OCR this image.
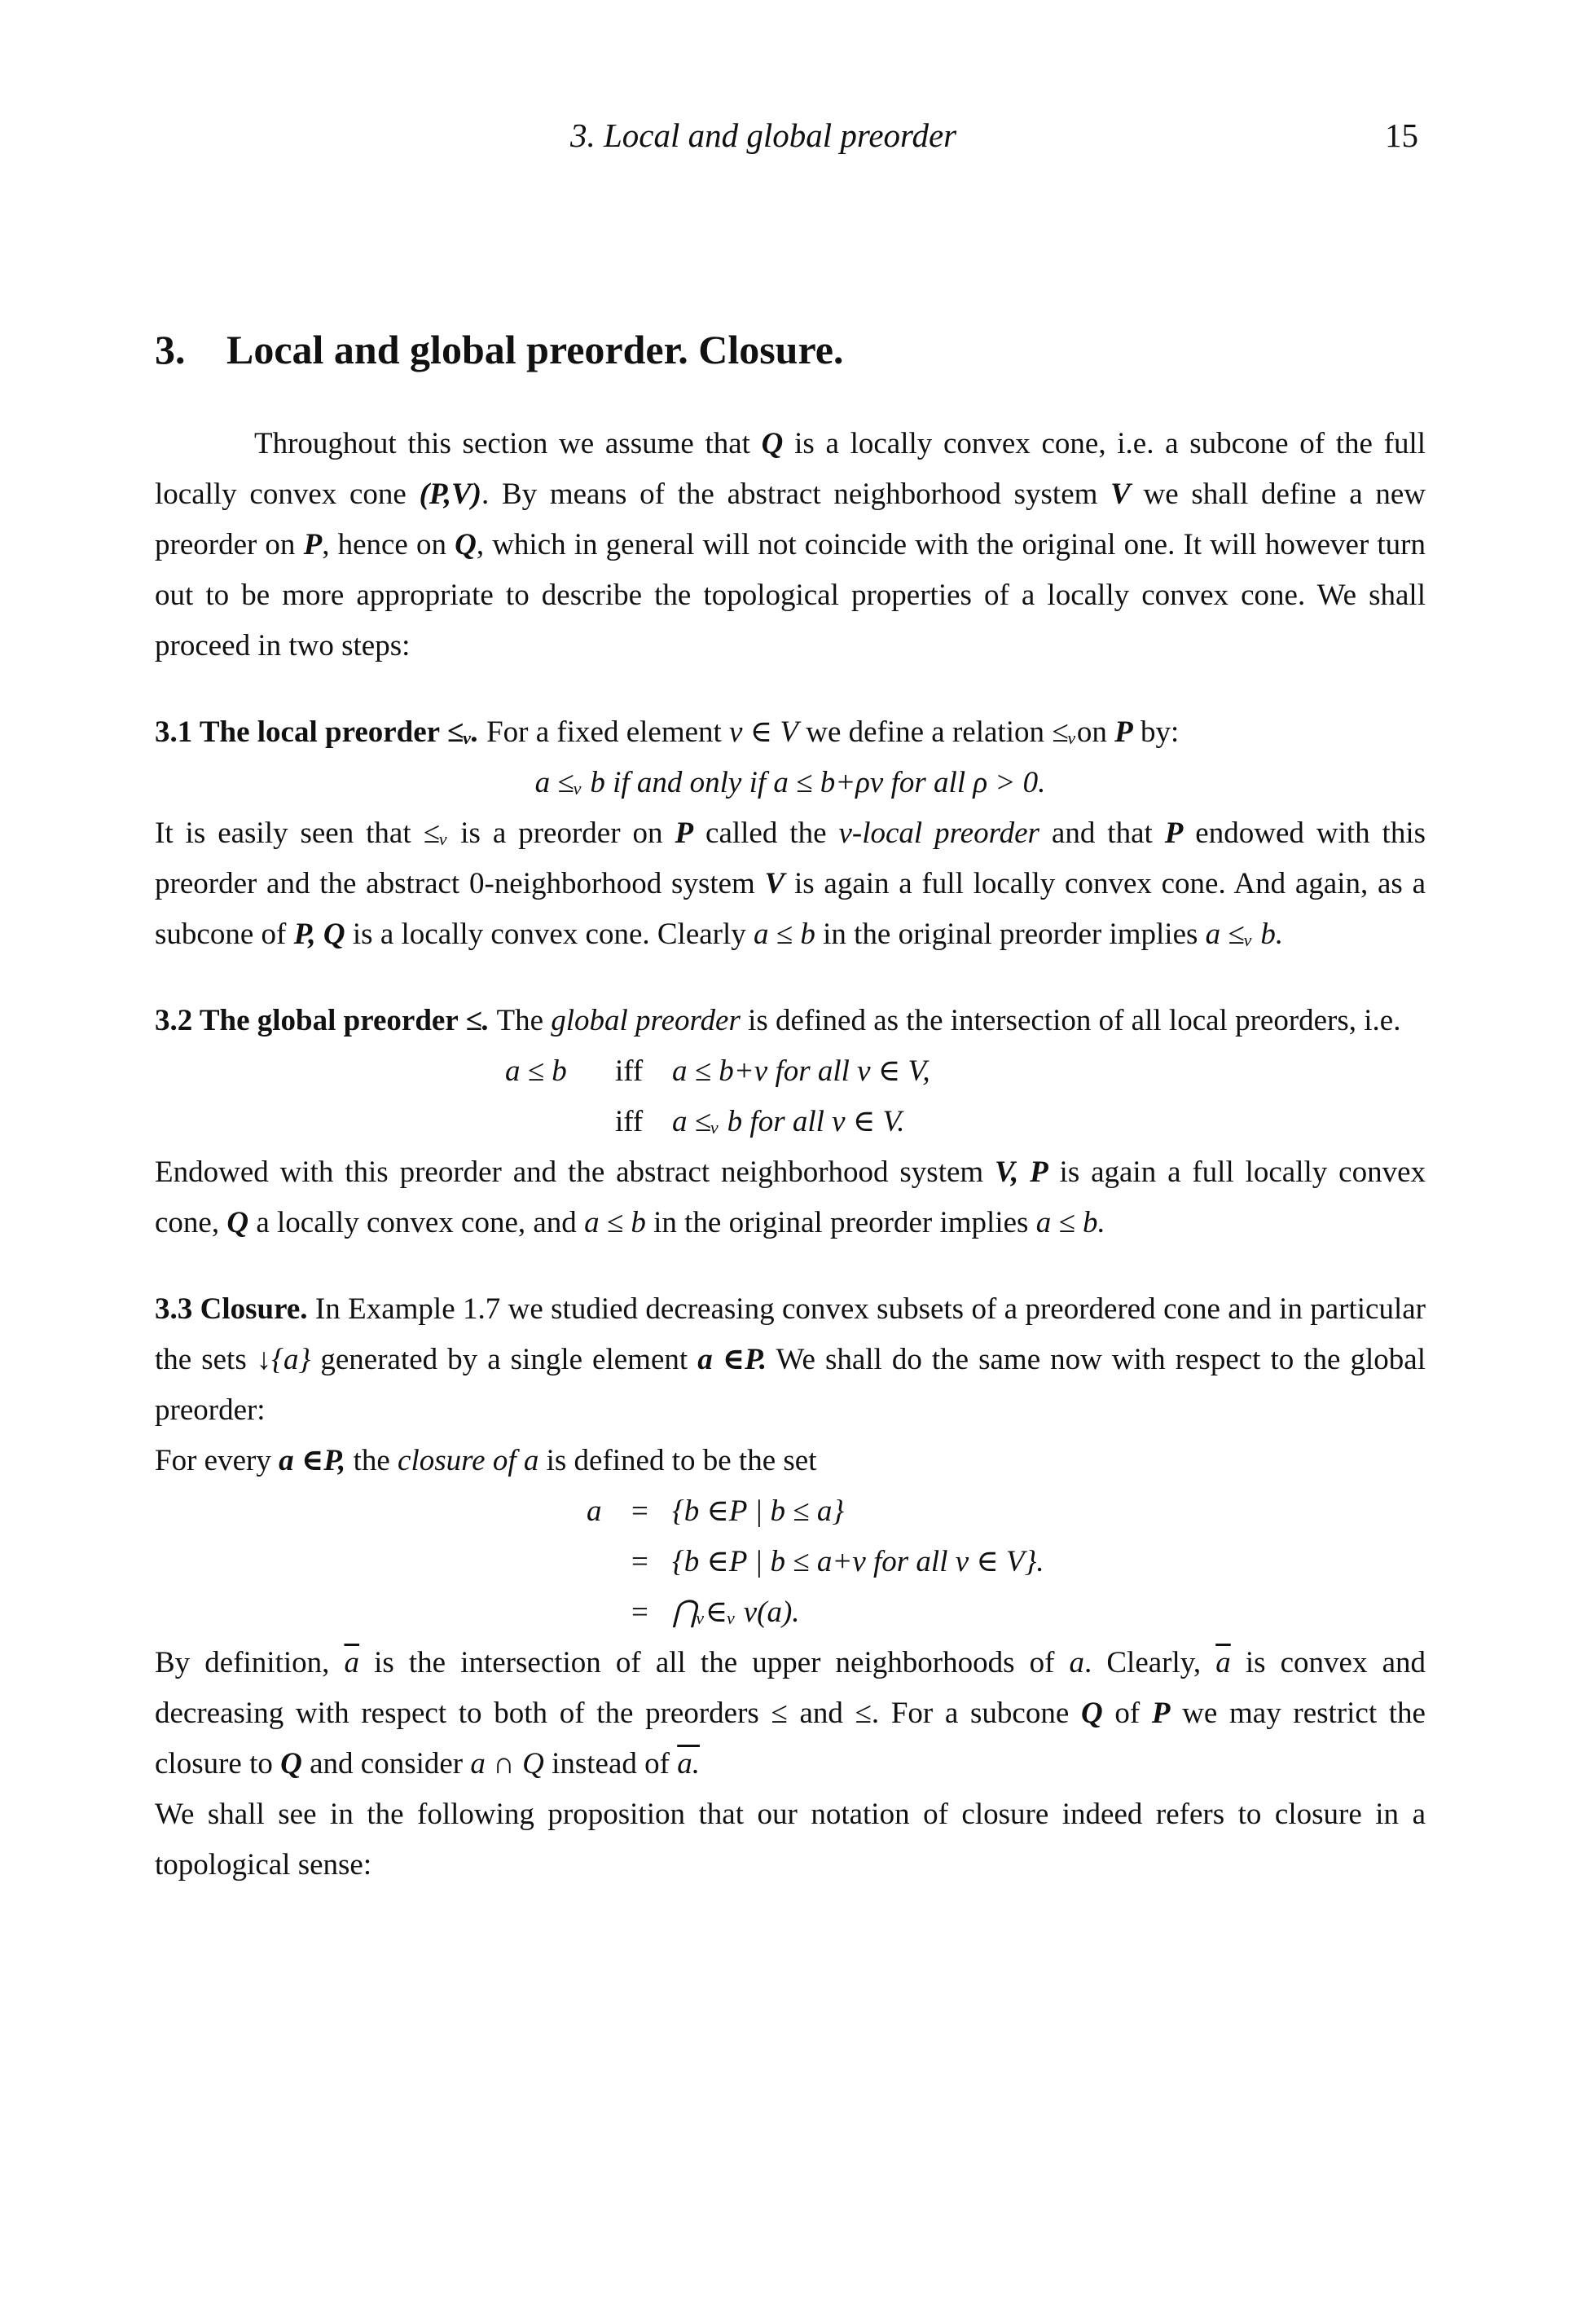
3. Local and global preorder	15
3. Local and global preorder. Closure.

Throughout this section we assume that Q is a locally convex cone, i.e. a subcone of the full locally convex cone (P,V). By means of the abstract neighborhood system V we shall define a new preorder on P, hence on Q, which in general will not coincide with the original one. It will however turn out to be more appropriate to describe the topological properties of a locally convex cone. We shall proceed in two steps:

3.1 The local preorder ≤ᵥ. For a fixed element v ∈ V we define a relation ≤ᵥon P by:

a ≤ᵥ b if and only if a ≤ b+ρv for all ρ > 0.

It is easily seen that ≤ᵥ is a preorder on P called the v-local preorder and that P endowed with this preorder and the abstract 0-neighborhood system V is again a full locally convex cone. And again, as a subcone of P, Q is a locally convex cone. Clearly a ≤ b in the original preorder implies a ≤ᵥ b.

3.2 The global preorder ≤. The global preorder is defined as the intersection of all local preorders, i.e.

a ≤ b iff a ≤ b+v for all v ∈ V,
iff a ≤ᵥ b for all v ∈ V.

Endowed with this preorder and the abstract neighborhood system V, P is again a full locally convex cone, Q a locally convex cone, and a ≤ b in the original preorder implies a ≤ b.

3.3 Closure. In Example 1.7 we studied decreasing convex subsets of a preordered cone and in particular the sets ↓{a} generated by a single element a ∈P. We shall do the same now with respect to the global preorder:

For every a ∈P, the closure of a is defined to be the set

a = {b ∈P | b ≤ a}
= {b ∈P | b ≤ a+v for all v ∈ V}.
= ⋂ᵥ∈ᵥ v(a).

By definition, $\overline{a}$ is the intersection of all the upper neighborhoods of a. Clearly, $\overline{a}$ is convex and decreasing with respect to both of the preorders ≤ and ≤. For a subcone Q of P we may restrict the closure to Q and consider a ∩ Q instead of a.

We shall see in the following proposition that our notation of closure indeed refers to closure in a topological sense:
